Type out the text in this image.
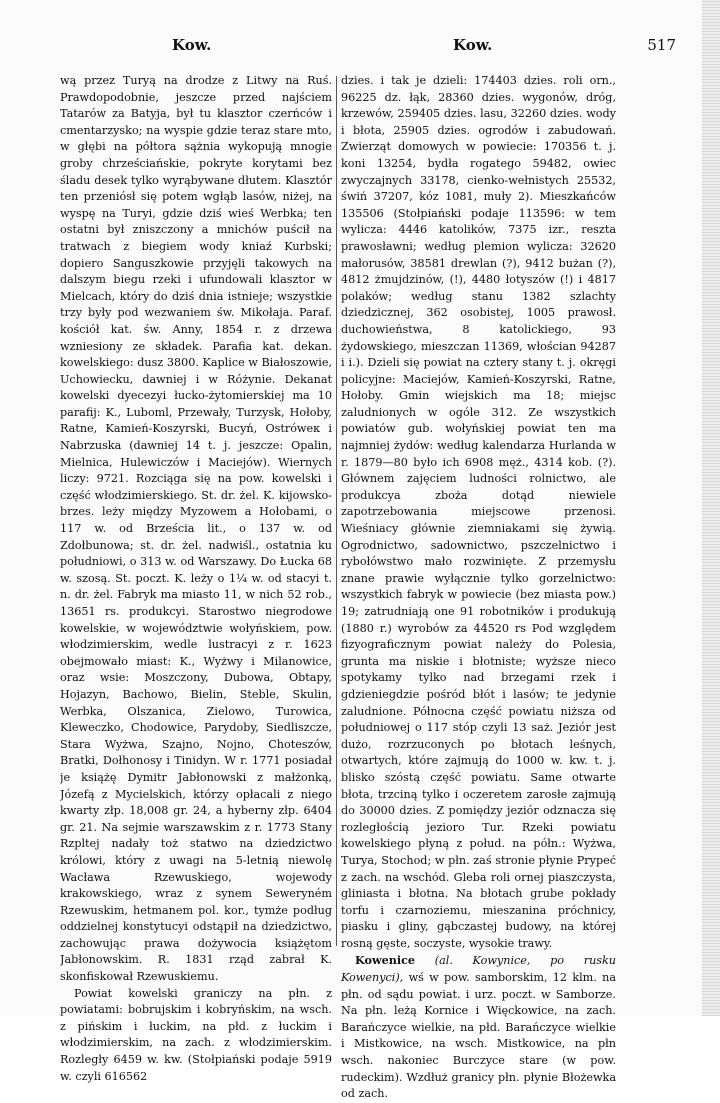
Kow.	Kow.	517

wą przez Turyą na drodze z Litwy na Ruś. Prawdopodobnie, jeszcze przed najściem Tatarów za Batyja, był tu klasztor czerńców i cmentarzysko; na wyspie gdzie teraz stare mto, w głębi na półtora sążnia wykopują mnogie groby chrześciańskie, pokryte korytami bez śladu desek tylko wyrąbywane dłutem. Klasztór ten przeniósł się potem wgłąb lasów, niżej, na wyspę na Turyi, gdzie dziś wieś Werbka; ten ostatni był zniszczony a mnichów puścił na tratwach z biegiem wody kniaź Kurbski; dopiero Sanguszkowie przyjęli takowych na dalszym biegu rzeki i ufundowali klasztor w Mielcach, który do dziś dnia istnieje; wszystkie trzy były pod wezwaniem św. Mikołaja. Paraf. kościół kat. św. Anny, 1854 r. z drzewa wzniesiony ze składek. Parafia kat. dekan. kowelskiego: dusz 3800. Kaplice w Białoszowie, Uchowiecku, dawniej i w Różynie. Dekanat kowelski dyecezyi łucko-żytomierskiej ma 10 parafij: K., Luboml, Przewały, Turzysk, Hołoby, Ratne, Kamień-Koszyrski, Bucyń, Ostróweк i Nabrzuska (dawniej 14 t. j. jeszcze: Opalin, Mielnica, Hulewiczów i Maciejów). Wiernych liczy: 9721. Rozciąga się na pow. kowelski i część włodzimierskiego. St. dr. żel. K. kijowsko-brzes. leży między Myzowem a Hołobami, o 117 w. od Brześcia lit., o 137 w. od Zdołbunowa; st. dr. żel. nadwiśl., ostatnia ku południowi, o 313 w. od Warszawy. Do Łucka 68 w. szosą. St. poczt. K. leży o 1¼ w. od stacyi t. n. dr. żel. Fabryk ma miasto 11, w nich 52 rob., 13651 rs. produkcyi. Starostwo niegrodowe kowelskie, w województwie wołyńskiem, pow. włodzimierskim, wedle lustracyi z r. 1623 obejmowało miast: K., Wyżwy i Milanowice, oraz wsie: Moszczony, Dubowa, Obtapy, Hojazyn, Bachowo, Bielin, Steble, Skulin, Werbka, Olszanica, Zielowo, Turowica, Kleweczko, Chodowice, Parydoby, Siedliszcze, Stara Wyżwa, Szajno, Nojno, Choteszów, Bratki, Dołhonosy i Tinidyn. W r. 1771 posiadał je książę Dymitr Jabłonowski z małżonką, Józefą z Mycielskich, którzy opłacali z niego kwarty złp. 18,008 gr. 24, a hyberny złp. 6404 gr. 21. Na sejmie warszawskim z r. 1773 Stany Rzpltej nadały toż statwo na dziedzictwo królowi, który z uwagi na 5-letnią niewolę Wacława Rzewuskiego, wojewody krakowskiego, wraz z synem Seweryném Rzewuskim, hetmanem pol. kor., tymże podług oddzielnej konstytucyi odstąpił na dziedzictwo, zachowując prawa dożywocia książętom Jabłonowskim. R. 1831 rząd zabrał K. skonfiskował Rzewuskiemu.

Powiat kowelski graniczy na płn. z powiatami: bobrujskim i kobryńskim, na wsch. z pińskim i łuckim, na płd. z łuckim i włodzimierskim, na zach. z włodzimierskim. Rozległy 6459 w. kw. (Stołpiański podaje 5919 w. czyli 616562

dzies. i tak je dzieli: 174403 dzies. roli orn., 96225 dz. łąk, 28360 dzies. wygonów, dróg, krzewów, 259405 dzies. lasu, 32260 dzies. wody i błota, 25905 dzies. ogrodów i zabudowań. Zwierząt domowych w powiecie: 170356 t. j. koni 13254, bydła rogatego 59482, owiec zwyczajnych 33178, cienko-wełnistych 25532, świń 37207, kóz 1081, muły 2). Mieszkańców 135506 (Stołpiański podaje 113596: w tem wylicza: 4446 katolików, 7375 izr., reszta prawosławni; według plemion wylicza: 32620 małorusów, 38581 drewlan (?), 9412 bużan (?), 4812 żmujdzinów, (!), 4480 łotyszów (!) i 4817 polaków; według stanu 1382 szlachty dziedzicznej, 362 osobistej, 1005 prawosł. duchowieństwa, 8 katolickiego, 93 żydowskiego, mieszczan 11369, włościan 94287 i i.). Dzieli się powiat na cztery stany t. j. okręgi policyjne: Maciejów, Kamień-Koszyrski, Ratne, Hołoby. Gmin wiejskich ma 18; miejsc zaludnionych w ogóle 312. Ze wszystkich powiatów gub. wołyńskiej powiat ten ma najmniej żydów: według kalendarza Hurlanda w r. 1879—80 było ich 6908 męż., 4314 kob. (?). Głównem zajęciem ludności rolnictwo, ale produkcya zboża dotąd niewiele zapotrzebowania miejscowe przenosi. Wieśniacy głównie ziemniakami się żywią. Ogrodnictwo, sadownictwo, pszczelnictwo i rybołówstwo mało rozwinięte. Z przemysłu znane prawie wyłącznie tylko gorzelnictwo: wszystkich fabryk w powiecie (bez miasta pow.) 19; zatrudniają one 91 robotników i produkują (1880 r.) wyrobów za 44520 rs Pod względem fizyograficznym powiat należy do Polesia, grunta ma niskie i błotniste; wyższe nieco spotykamy tylko nad brzegami rzek i gdzieniegdzie pośród błót i lasów; te jedynie zaludnione. Północna część powiatu niższa od południowej o 117 stóp czyli 13 saż. Jeziór jest dużo, rozrzuconych po błotach leśnych, otwartych, które zajmują do 1000 w. kw. t. j. blisko szóstą część powiatu. Same otwarte błota, trzciną tylko i oczeretem zarosłe zajmują do 30000 dzies. Z pomiędzy jeziór odznacza się rozległością jezioro Tur. Rzeki powiatu kowelskiego płyną z połud. na półn.: Wyżwa, Turya, Stochod; w płn. zaś stronie płynie Prypeć z zach. na wschód. Gleba roli ornej piaszczysta, gliniasta i błotna. Na błotach grube pokłady torfu i czarnoziemu, mieszanina próchnicy, piasku i gliny, gąbczastej budowy, na której rosną gęste, soczyste, wysokie trawy.

Kowenice (al. Kowynice, po rusku Kowenyci), wś w pow. samborskim, 12 klm. na płn. od sądu powiat. i urz. poczt. w Samborze. Na płn. leżą Kornice i Więckowice, na zach. Barańczyce wielkie, na płd. Barańczyce wielkie i Mistkowice, na wsch. Mistkowice, na płn wsch. nakoniec Burczyce stare (w pow. rudeckim). Wzdłuż granicy płn. płynie Błożewka od zach.
